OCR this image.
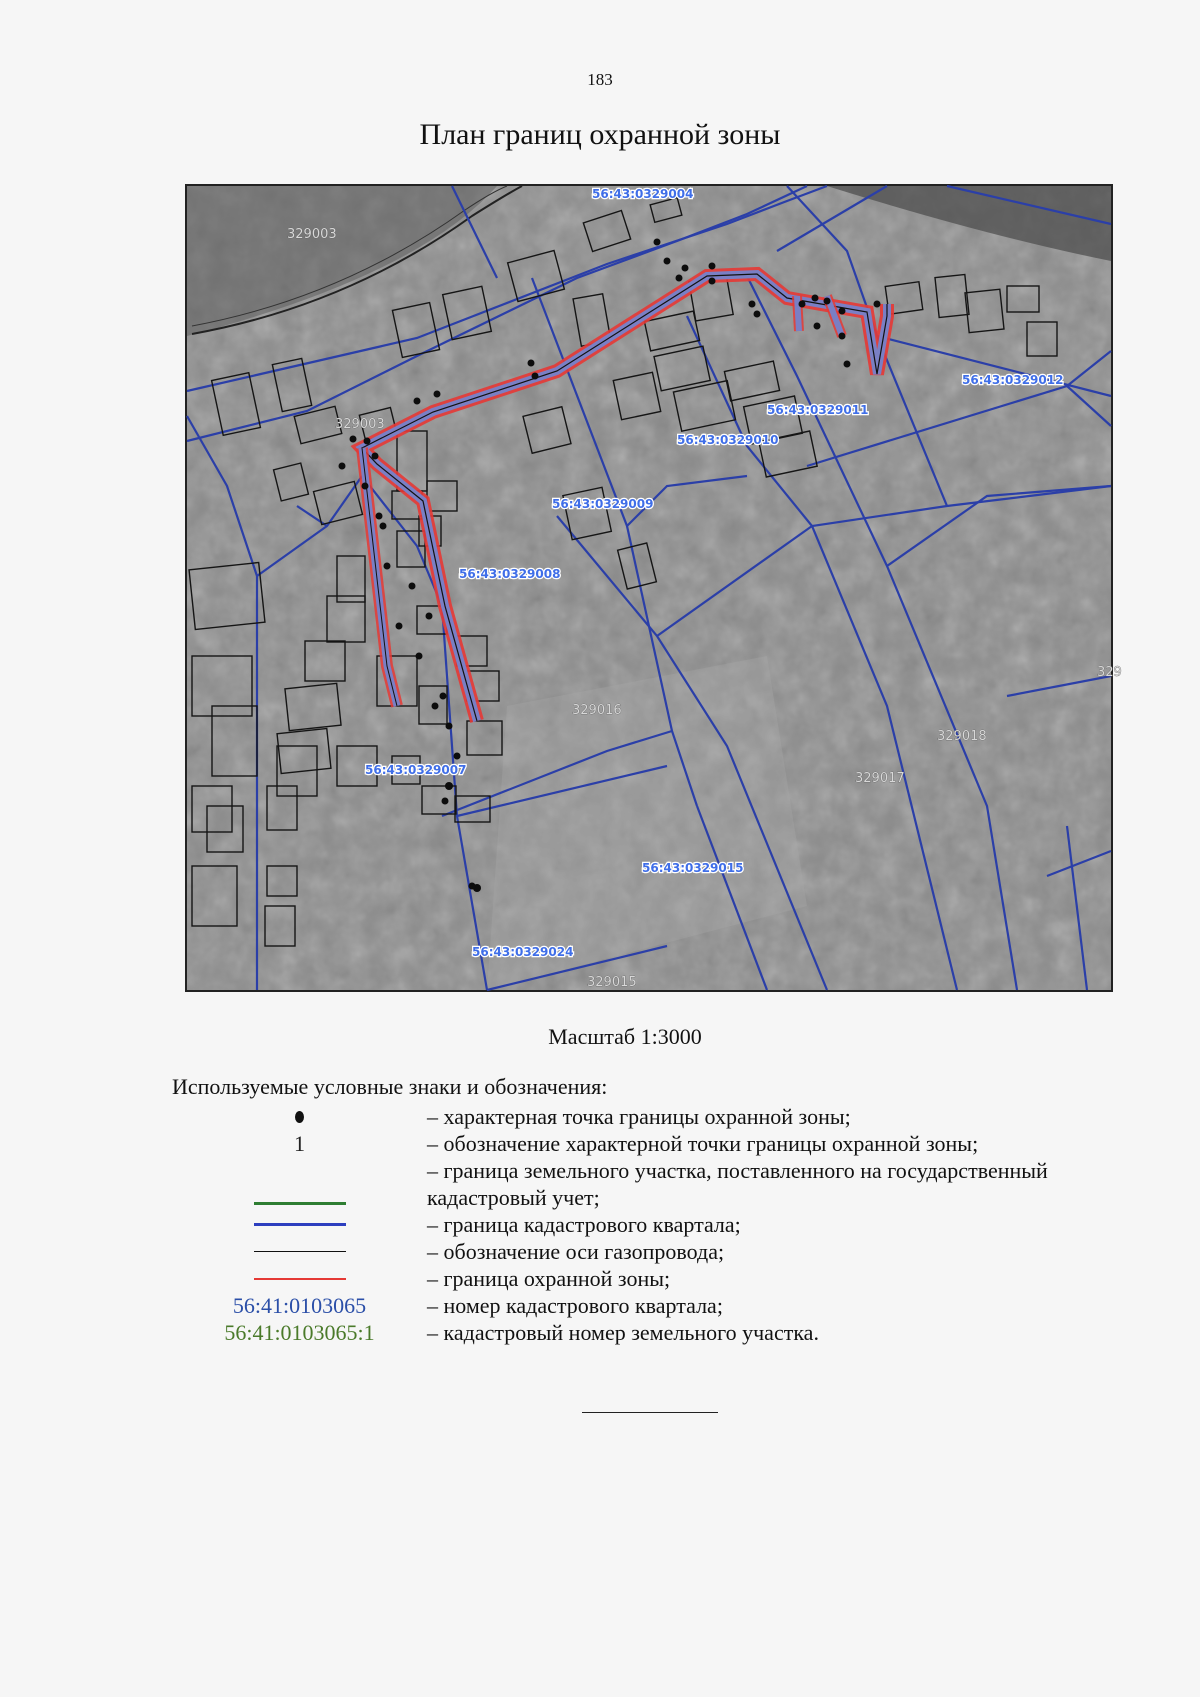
183
План границ охранной зоны
56:43:0329004
56:43:0329012
56:43:0329011
56:43:0329010
56:43:0329009
56:43:0329008
56:43:0329007
56:43:0329015
56:43:0329024
329003
329003
329016
329018
329017
329015
329
Масштаб 1:3000
Используемые условные знаки и обозначения:
– характерная точка границы охранной зоны;
1	– обозначение характерной точки границы охранной зоны;
– граница земельного участка, поставленного на государственный кадастровый учет;
– граница кадастрового квартала;
– обозначение оси газопровода;
– граница охранной зоны;
56:41:0103065	– номер кадастрового квартала;
56:41:0103065:1 – кадастровый номер земельного участка.
